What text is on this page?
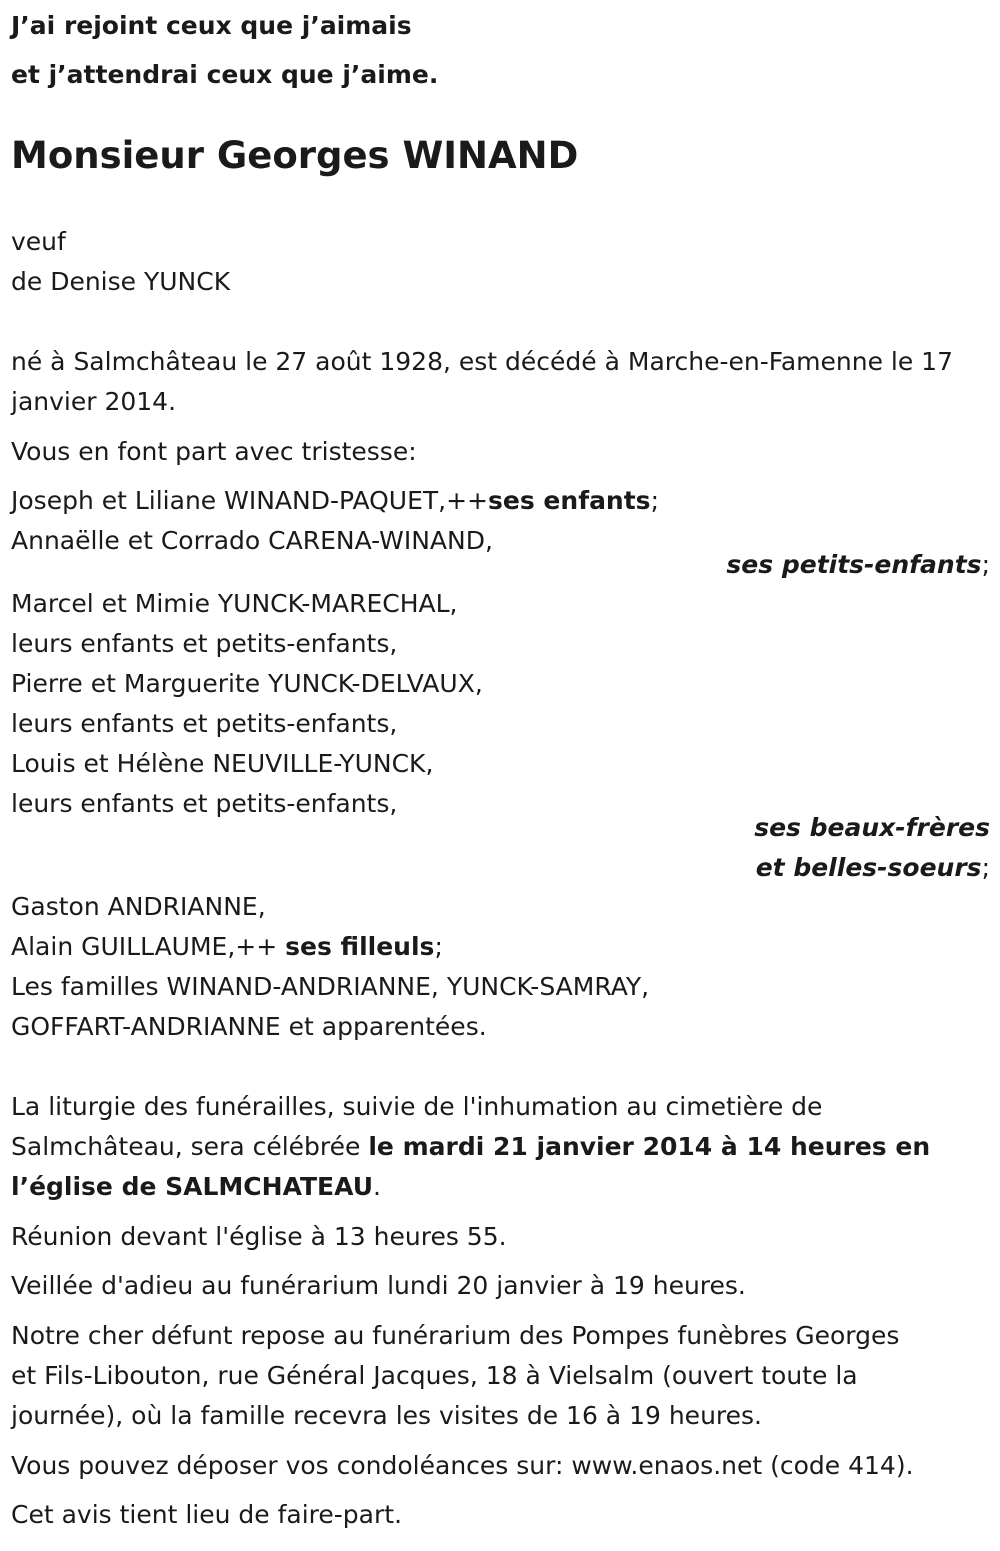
J’ai rejoint ceux que j’aimais
et j’attendrai ceux que j’aime.
Monsieur Georges WINAND
veuf
de Denise YUNCK
né à Salmchâteau le 27 août 1928, est décédé à Marche-en-Famenne le 17
janvier 2014.
Vous en font part avec tristesse:
Joseph et Liliane WINAND-PAQUET,++ses enfants;
Annaëlle et Corrado CARENA-WINAND,
ses petits-enfants;
Marcel et Mimie YUNCK-MARECHAL,
leurs enfants et petits-enfants,
Pierre et Marguerite YUNCK-DELVAUX,
leurs enfants et petits-enfants,
Louis et Hélène NEUVILLE-YUNCK,
leurs enfants et petits-enfants,
ses beaux-frères
et belles-soeurs;
Gaston ANDRIANNE,
Alain GUILLAUME,++ ses filleuls;
Les familles WINAND-ANDRIANNE, YUNCK-SAMRAY,
GOFFART-ANDRIANNE et apparentées.
La liturgie des funérailles, suivie de l'inhumation au cimetière de
Salmchâteau, sera célébrée le mardi 21 janvier 2014 à 14 heures en
l’église de SALMCHATEAU.
Réunion devant l'église à 13 heures 55.
Veillée d'adieu au funérarium lundi 20 janvier à 19 heures.
Notre cher défunt repose au funérarium des Pompes funèbres Georges
et Fils-Libouton, rue Général Jacques, 18 à Vielsalm (ouvert toute la
journée), où la famille recevra les visites de 16 à 19 heures.
Vous pouvez déposer vos condoléances sur: www.enaos.net (code 414).
Cet avis tient lieu de faire-part.
